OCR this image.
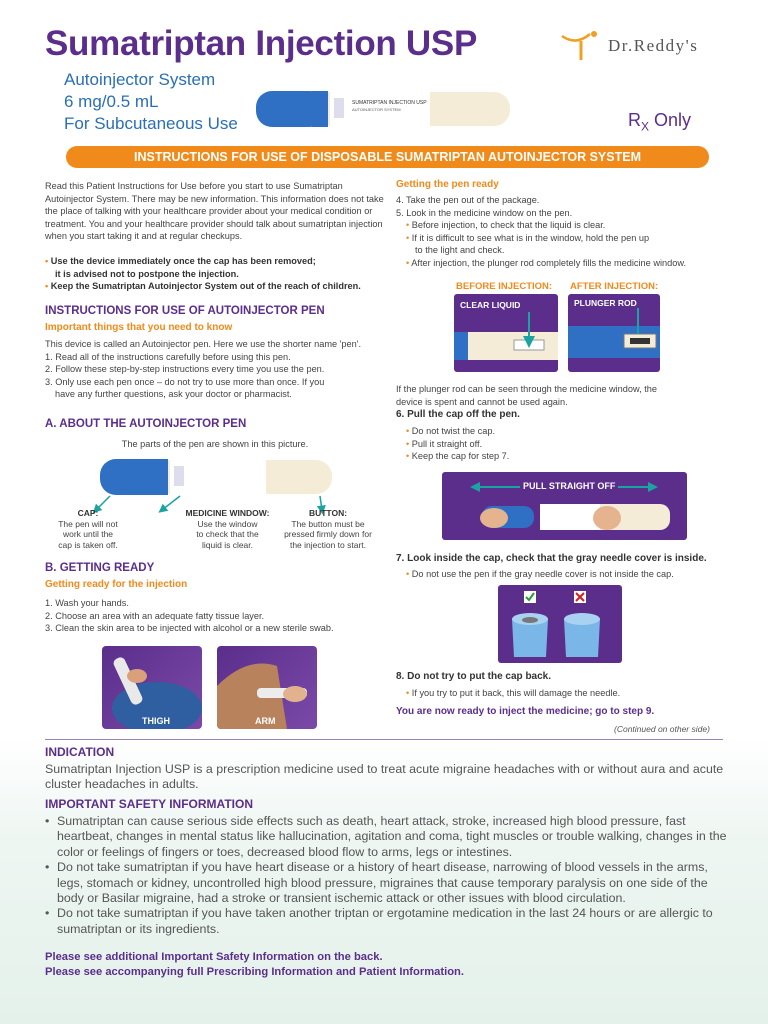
Sumatriptan Injection USP
Autoinjector System
6 mg/0.5 mL
For Subcutaneous Use
Dr.Reddy's
SUMATRIPTAN INJECTION USP
AUTOINJECTOR SYSTEM
$R_X$ Only
INSTRUCTIONS FOR USE OF DISPOSABLE SUMATRIPTAN AUTOINJECTOR SYSTEM
Read this Patient Instructions for Use before you start to use Sumatriptan Autoinjector System. There may be new information. This information does not take the place of talking with your healthcare provider about your medical condition or treatment. You and your healthcare provider should talk about sumatriptan injection when you start taking it and at regular checkups.
• Use the device immediately once the cap has been removed;
it is advised not to postpone the injection.
• Keep the Sumatriptan Autoinjector System out of the reach of children.
INSTRUCTIONS FOR USE OF AUTOINJECTOR PEN
Important things that you need to know
This device is called an Autoinjector pen. Here we use the shorter name 'pen'.
1. Read all of the instructions carefully before using this pen.
2. Follow these step-by-step instructions every time you use the pen.
3. Only use each pen once – do not try to use more than once. If you
have any further questions, ask your doctor or pharmacist.
A. ABOUT THE AUTOINJECTOR PEN
The parts of the pen are shown in this picture.
CAP:
The pen will not
work until the
cap is taken off.
MEDICINE WINDOW:
Use the window
to check that the
liquid is clear.
BUTTON:
The button must be
pressed firmly down for
the injection to start.
B. GETTING READY
Getting ready for the injection
1. Wash your hands.
2. Choose an area with an adequate fatty tissue layer.
3. Clean the skin area to be injected with alcohol or a new sterile swab.
THIGH	ARM
Getting the pen ready
4. Take the pen out of the package.
5. Look in the medicine window on the pen.
• Before injection, to check that the liquid is clear.
• If it is difficult to see what is in the window, hold the pen up
to the light and check.
• After injection, the plunger rod completely fills the medicine window.
BEFORE INJECTION: AFTER INJECTION:
CLEAR LIQUID	PLUNGER ROD
If the plunger rod can be seen through the medicine window, the
device is spent and cannot be used again.
6. Pull the cap off the pen.
• Do not twist the cap.
• Pull it straight off.
• Keep the cap for step 7.
PULL STRAIGHT OFF
7. Look inside the cap, check that the gray needle cover is inside.
• Do not use the pen if the gray needle cover is not inside the cap.
8. Do not try to put the cap back.
• If you try to put it back, this will damage the needle.
You are now ready to inject the medicine; go to step 9.
(Continued on other side)
INDICATION
Sumatriptan Injection USP is a prescription medicine used to treat acute migraine headaches with or without aura and acute cluster headaches in adults.
IMPORTANT SAFETY INFORMATION
• Sumatriptan can cause serious side effects such as death, heart attack, stroke, increased high blood pressure, fast heartbeat, changes in mental status like hallucination, agitation and coma, tight muscles or trouble walking, changes in the color or feelings of fingers or toes, decreased blood flow to arms, legs or intestines.
• Do not take sumatriptan if you have heart disease or a history of heart disease, narrowing of blood vessels in the arms, legs, stomach or kidney, uncontrolled high blood pressure, migraines that cause temporary paralysis on one side of the body or Basilar migraine, had a stroke or transient ischemic attack or other issues with blood circulation.
• Do not take sumatriptan if you have taken another triptan or ergotamine medication in the last 24 hours or are allergic to sumatriptan or its ingredients.
Please see additional Important Safety Information on the back.
Please see accompanying full Prescribing Information and Patient Information.
